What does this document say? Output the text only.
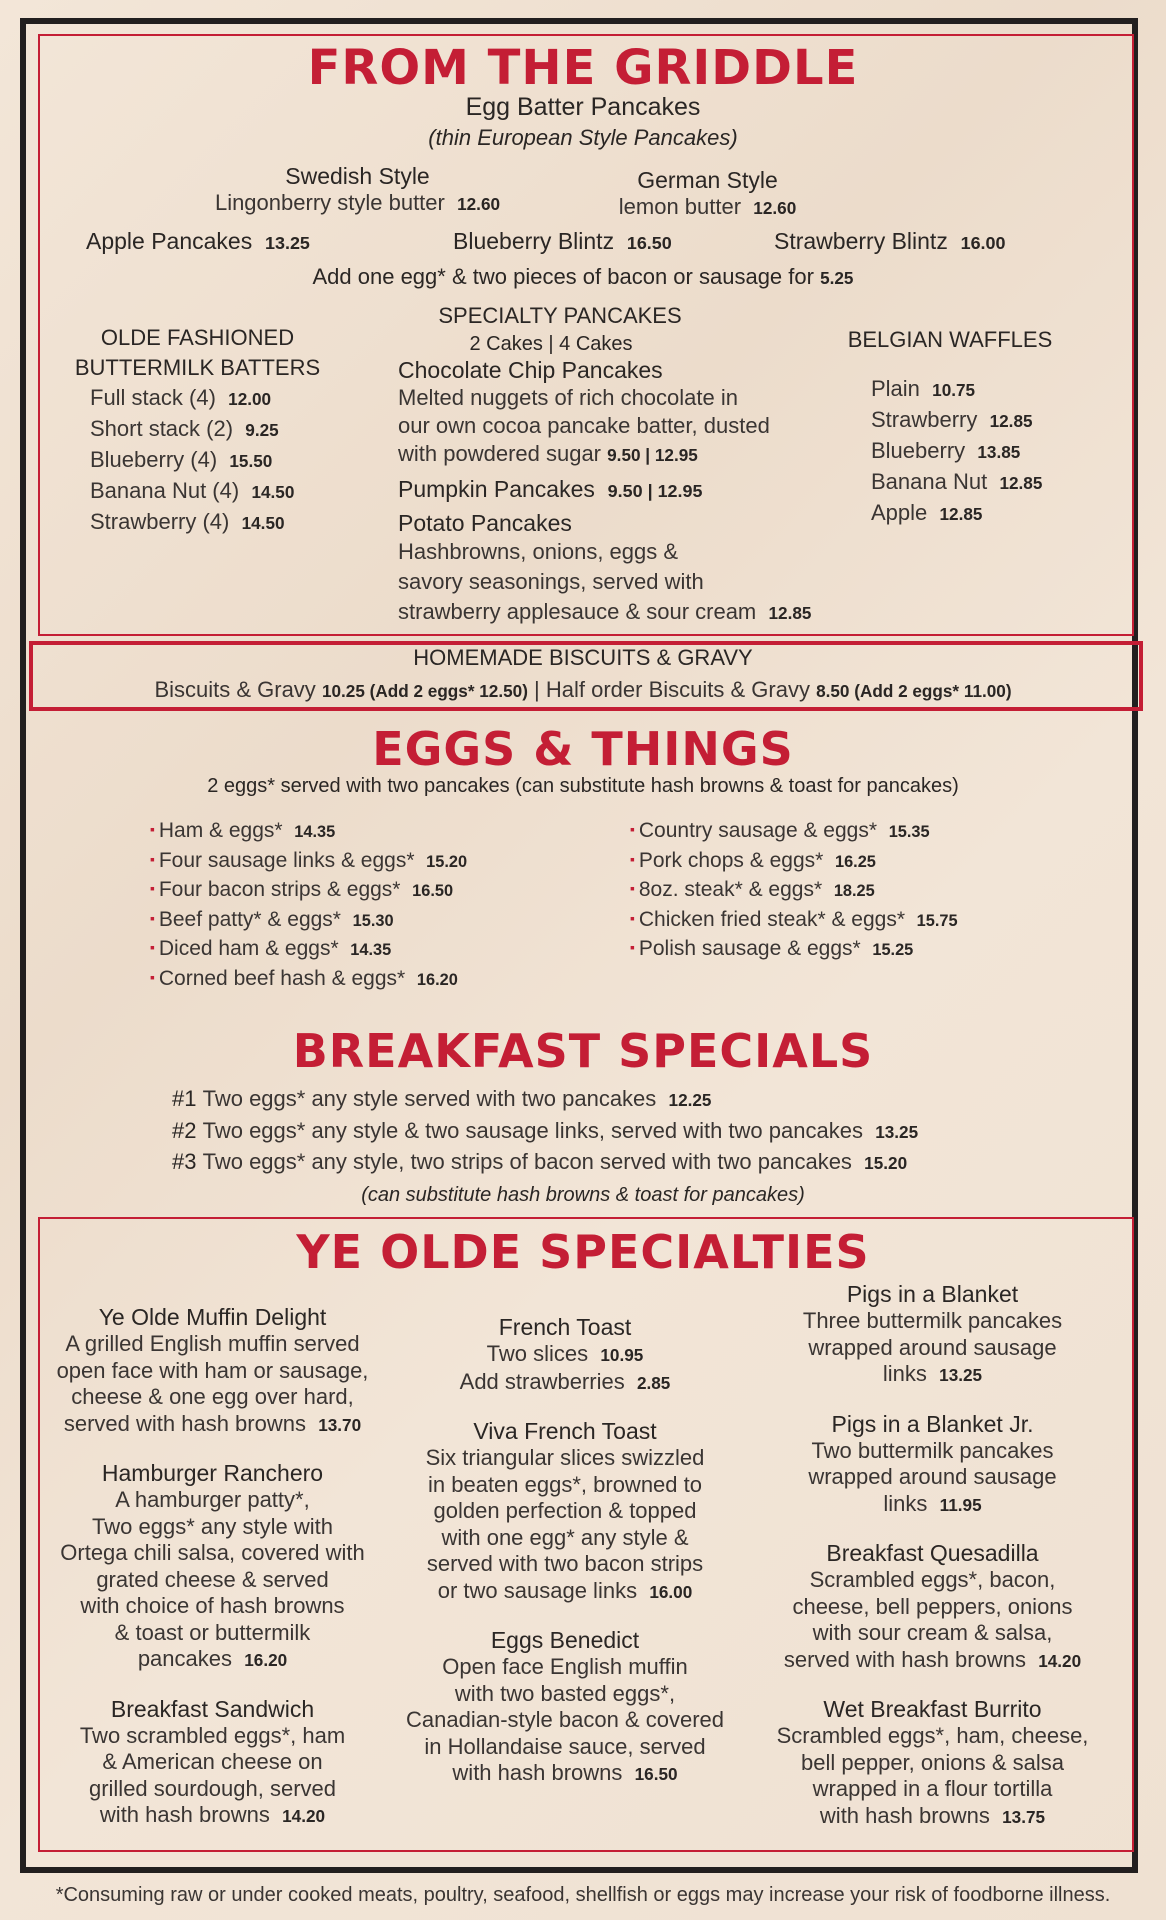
FROM THE GRIDDLE
Egg Batter Pancakes
(thin European Style Pancakes)
Swedish Style
Lingonberry style butter 12.60
German Style
lemon butter 12.60
Apple Pancakes 13.25	Blueberry Blintz 16.50	Strawberry Blintz 16.00
Add one egg* & two pieces of bacon or sausage for 5.25
OLDE FASHIONED
BUTTERMILK BATTERS
Full stack (4) 12.00
Short stack (2) 9.25
Blueberry (4) 15.50
Banana Nut (4) 14.50
Strawberry (4) 14.50
SPECIALTY PANCAKES
2 Cakes | 4 Cakes
Chocolate Chip Pancakes
Melted nuggets of rich chocolate in
our own cocoa pancake batter, dusted
with powdered sugar 9.50 | 12.95
Pumpkin Pancakes 9.50 | 12.95
Potato Pancakes
Hashbrowns, onions, eggs &
savory seasonings, served with
strawberry applesauce & sour cream 12.85
BELGIAN WAFFLES
Plain 10.75
Strawberry 12.85
Blueberry 13.85
Banana Nut 12.85
Apple 12.85
HOMEMADE BISCUITS & GRAVY
Biscuits & Gravy 10.25 (Add 2 eggs* 12.50) | Half order Biscuits & Gravy 8.50 (Add 2 eggs* 11.00)
EGGS & THINGS
2 eggs* served with two pancakes (can substitute hash browns & toast for pancakes)
▪ Ham & eggs* 14.35
▪ Four sausage links & eggs* 15.20
▪ Four bacon strips & eggs* 16.50
▪ Beef patty* & eggs* 15.30
▪ Diced ham & eggs* 14.35
▪ Corned beef hash & eggs* 16.20
▪ Country sausage & eggs* 15.35
▪ Pork chops & eggs* 16.25
▪ 8oz. steak* & eggs* 18.25
▪ Chicken fried steak* & eggs* 15.75
▪ Polish sausage & eggs* 15.25
BREAKFAST SPECIALS
#1 Two eggs* any style served with two pancakes 12.25
#2 Two eggs* any style & two sausage links, served with two pancakes 13.25
#3 Two eggs* any style, two strips of bacon served with two pancakes 15.20
(can substitute hash browns & toast for pancakes)
YE OLDE SPECIALTIES
Ye Olde Muffin Delight
A grilled English muffin served
open face with ham or sausage,
cheese & one egg over hard,
served with hash browns 13.70
Hamburger Ranchero
A hamburger patty*,
Two eggs* any style with
Ortega chili salsa, covered with
grated cheese & served
with choice of hash browns
& toast or buttermilk
pancakes 16.20
Breakfast Sandwich
Two scrambled eggs*, ham
& American cheese on
grilled sourdough, served
with hash browns 14.20
French Toast
Two slices 10.95
Add strawberries 2.85
Viva French Toast
Six triangular slices swizzled
in beaten eggs*, browned to
golden perfection & topped
with one egg* any style &
served with two bacon strips
or two sausage links 16.00
Eggs Benedict
Open face English muffin
with two basted eggs*,
Canadian-style bacon & covered
in Hollandaise sauce, served
with hash browns 16.50
Pigs in a Blanket
Three buttermilk pancakes
wrapped around sausage
links 13.25
Pigs in a Blanket Jr.
Two buttermilk pancakes
wrapped around sausage
links 11.95
Breakfast Quesadilla
Scrambled eggs*, bacon,
cheese, bell peppers, onions
with sour cream & salsa,
served with hash browns 14.20
Wet Breakfast Burrito
Scrambled eggs*, ham, cheese,
bell pepper, onions & salsa
wrapped in a flour tortilla
with hash browns 13.75
*Consuming raw or under cooked meats, poultry, seafood, shellfish or eggs may increase your risk of foodborne illness.
